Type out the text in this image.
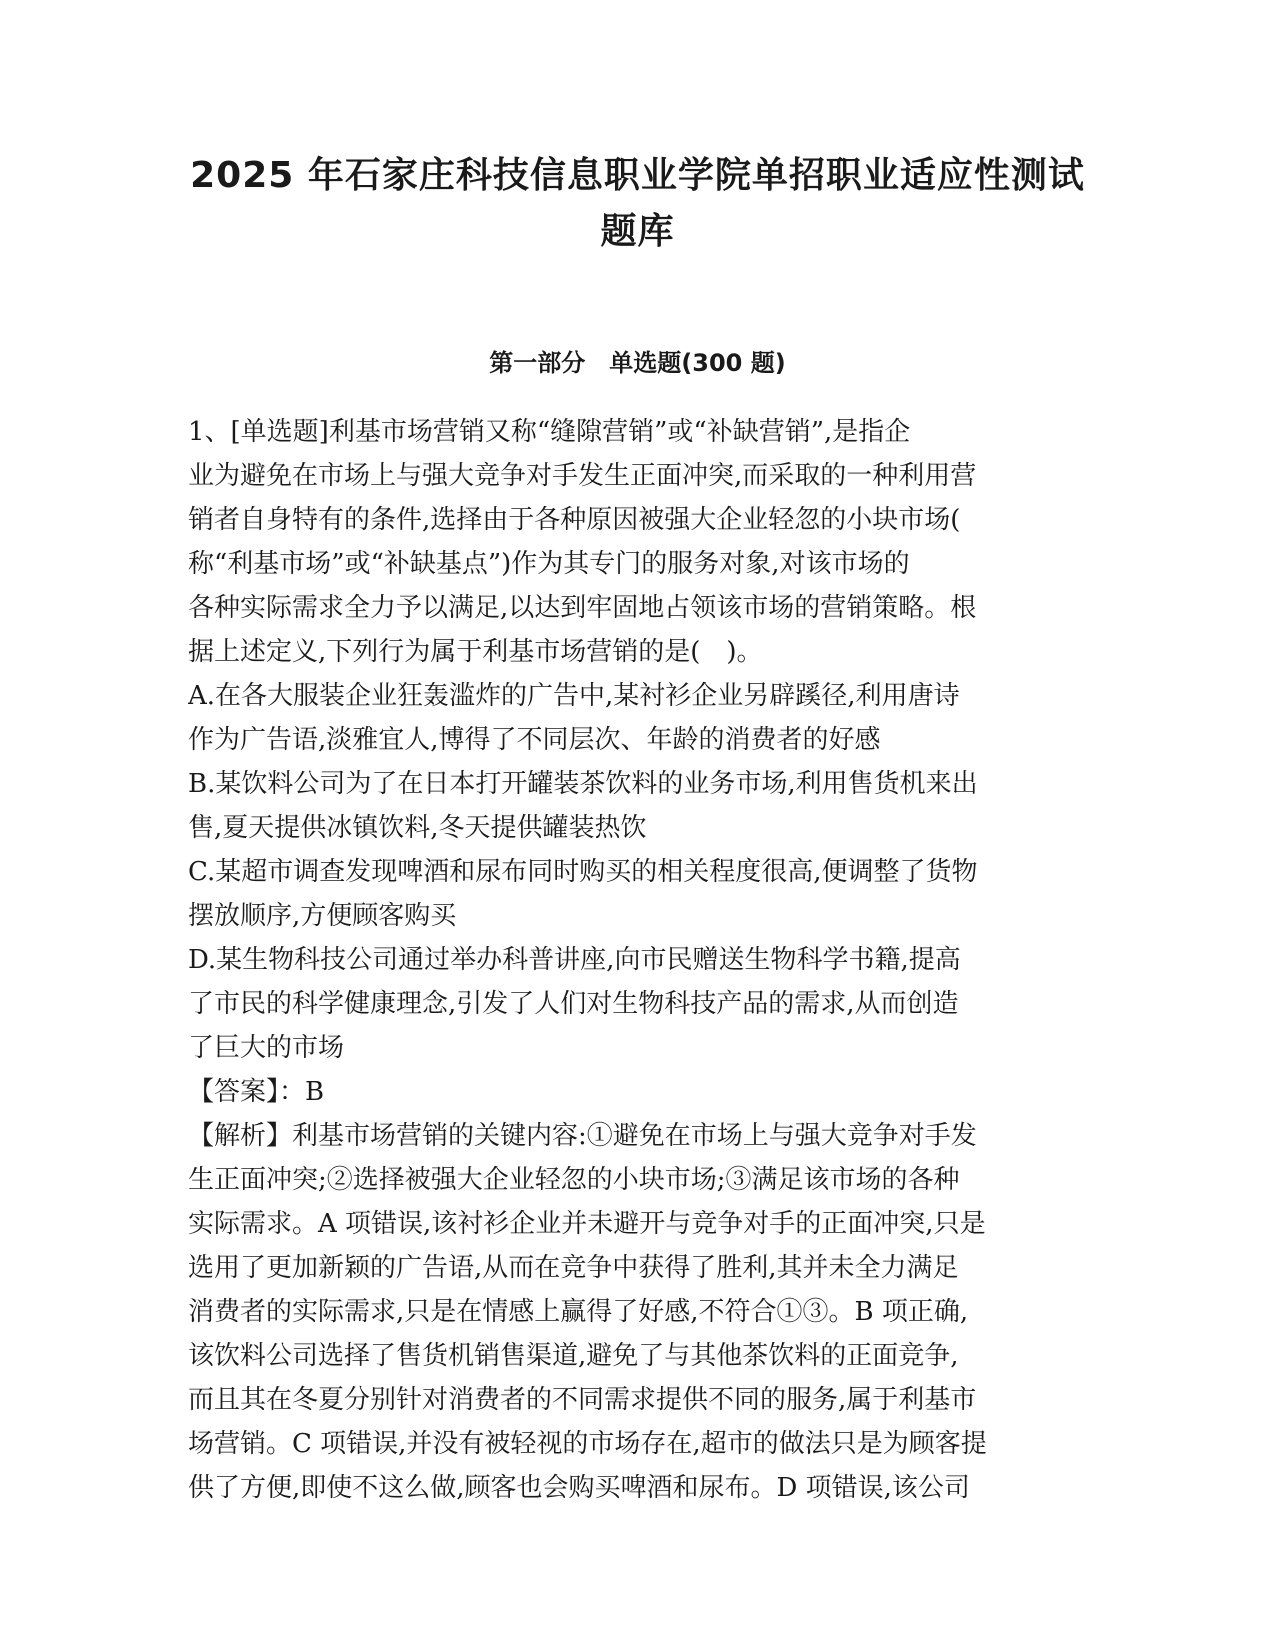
2025 年石家庄科技信息职业学院单招职业适应性测试
题库
第一部分　单选题(300 题)

1、[单选题]利基市场营销又称“缝隙营销”或“补缺营销”,是指企
业为避免在市场上与强大竞争对手发生正面冲突,而采取的一种利用营
销者自身特有的条件,选择由于各种原因被强大企业轻忽的小块市场(
称“利基市场”或“补缺基点”)作为其专门的服务对象,对该市场的
各种实际需求全力予以满足,以达到牢固地占领该市场的营销策略。根
据上述定义,下列行为属于利基市场营销的是(　)。

A.在各大服装企业狂轰滥炸的广告中,某衬衫企业另辟蹊径,利用唐诗
作为广告语,淡雅宜人,博得了不同层次、年龄的消费者的好感

B.某饮料公司为了在日本打开罐装茶饮料的业务市场,利用售货机来出
售,夏天提供冰镇饮料,冬天提供罐装热饮

C.某超市调查发现啤酒和尿布同时购买的相关程度很高,便调整了货物
摆放顺序,方便顾客购买

D.某生物科技公司通过举办科普讲座,向市民赠送生物科学书籍,提高
了市民的科学健康理念,引发了人们对生物科技产品的需求,从而创造
了巨大的市场

【答案】：B

【解析】利基市场营销的关键内容:①避免在市场上与强大竞争对手发
生正面冲突;②选择被强大企业轻忽的小块市场;③满足该市场的各种
实际需求。A 项错误,该衬衫企业并未避开与竞争对手的正面冲突,只是
选用了更加新颖的广告语,从而在竞争中获得了胜利,其并未全力满足
消费者的实际需求,只是在情感上赢得了好感,不符合①③。B 项正确,
该饮料公司选择了售货机销售渠道,避免了与其他茶饮料的正面竞争,
而且其在冬夏分别针对消费者的不同需求提供不同的服务,属于利基市
场营销。C 项错误,并没有被轻视的市场存在,超市的做法只是为顾客提
供了方便,即使不这么做,顾客也会购买啤酒和尿布。D 项错误,该公司
